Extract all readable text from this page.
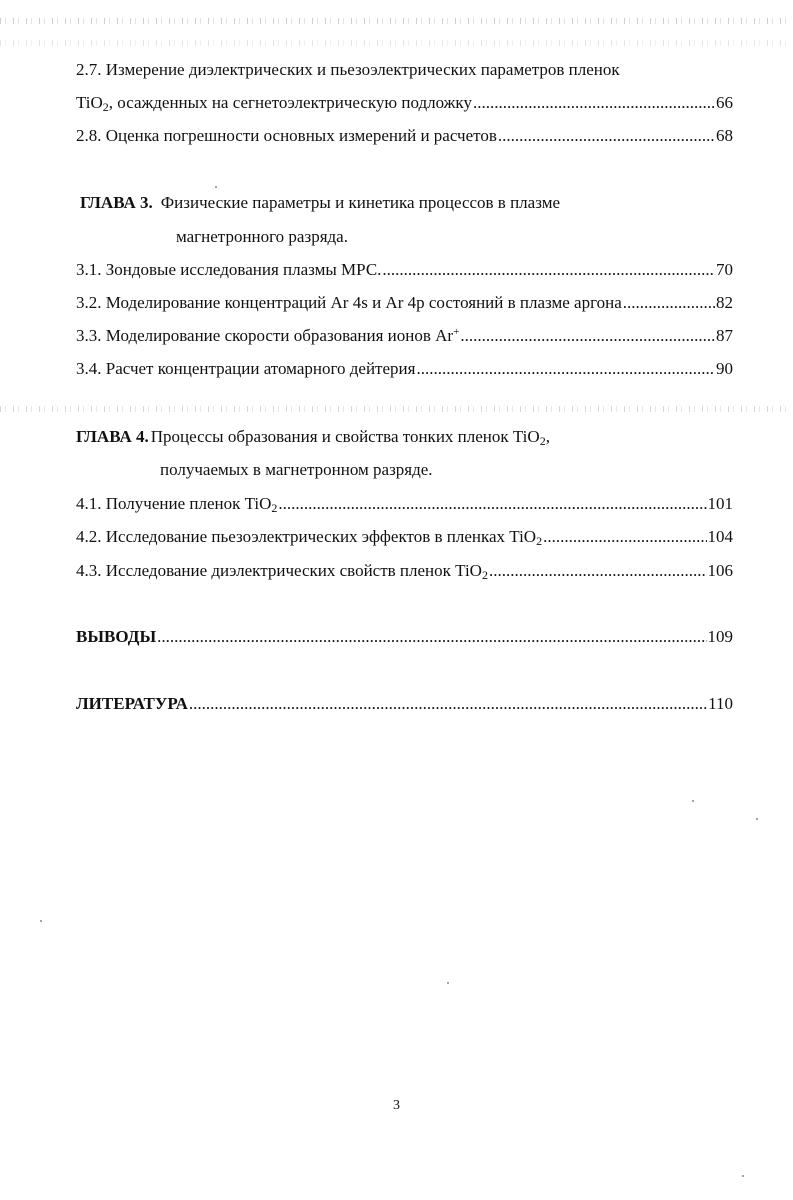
2.7. Измерение диэлектрических и пьезоэлектрических параметров пленок
TiO$_2$, осажденных на сегнетоэлектрическую подложку .....	66
2.8. Оценка погрешности основных измерений и расчетов .....	68
ГЛАВА 3. Физические параметры и кинетика процессов в плазме
магнетронного разряда.
3.1. Зондовые исследования плазмы МРС. .....	70
3.2. Моделирование концентраций Ar 4s и Ar 4p состояний в плазме аргона .....	82
3.3. Моделирование скорости образования ионов Ar+ .....	87
3.4. Расчет концентрации атомарного дейтерия .....	90
ГЛАВА 4. Процессы образования и свойства тонких пленок TiO$_2$,
получаемых в магнетронном разряде.
4.1. Получение пленок TiO$_2$ .....	101
4.2. Исследование пьезоэлектрических эффектов в пленках TiO$_2$ .....	104
4.3. Исследование диэлектрических свойств пленок TiO$_2$ .....	106
ВЫВОДЫ .....	109
ЛИТЕРАТУРА .....	110
3
